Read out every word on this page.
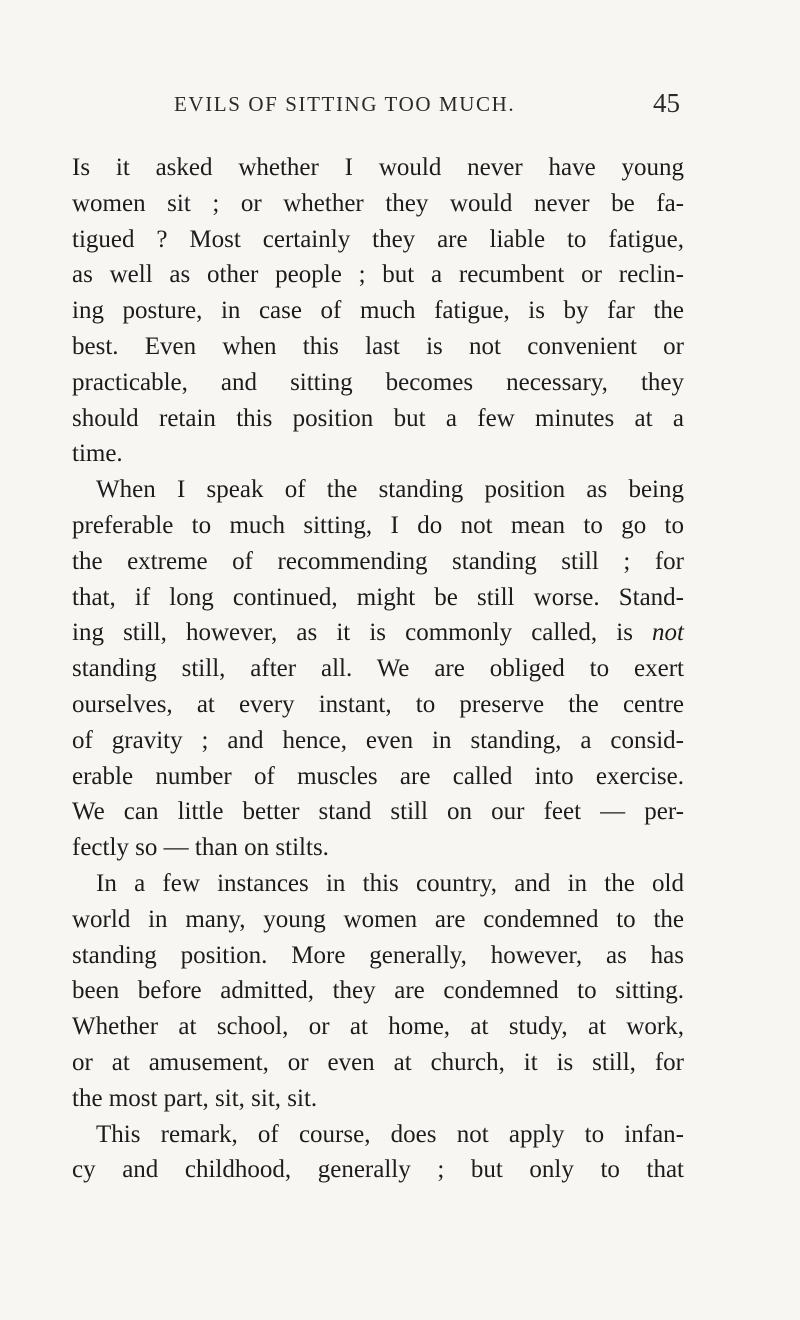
EVILS OF SITTING TOO MUCH.	45
Is it asked whether I would never have young
women sit ; or whether they would never be fa-
tigued ? Most certainly they are liable to fatigue,
as well as other people ; but a recumbent or reclin-
ing posture, in case of much fatigue, is by far the
best. Even when this last is not convenient or
practicable, and sitting becomes necessary, they
should retain this position but a few minutes at a
time.
When I speak of the standing position as being
preferable to much sitting, I do not mean to go to
the extreme of recommending standing still ; for
that, if long continued, might be still worse. Stand-
ing still, however, as it is commonly called, is not
standing still, after all. We are obliged to exert
ourselves, at every instant, to preserve the centre
of gravity ; and hence, even in standing, a consid-
erable number of muscles are called into exercise.
We can little better stand still on our feet — per-
fectly so — than on stilts.
In a few instances in this country, and in the old
world in many, young women are condemned to the
standing position. More generally, however, as has
been before admitted, they are condemned to sitting.
Whether at school, or at home, at study, at work,
or at amusement, or even at church, it is still, for
the most part, sit, sit, sit.
This remark, of course, does not apply to infan-
cy and childhood, generally ; but only to that
